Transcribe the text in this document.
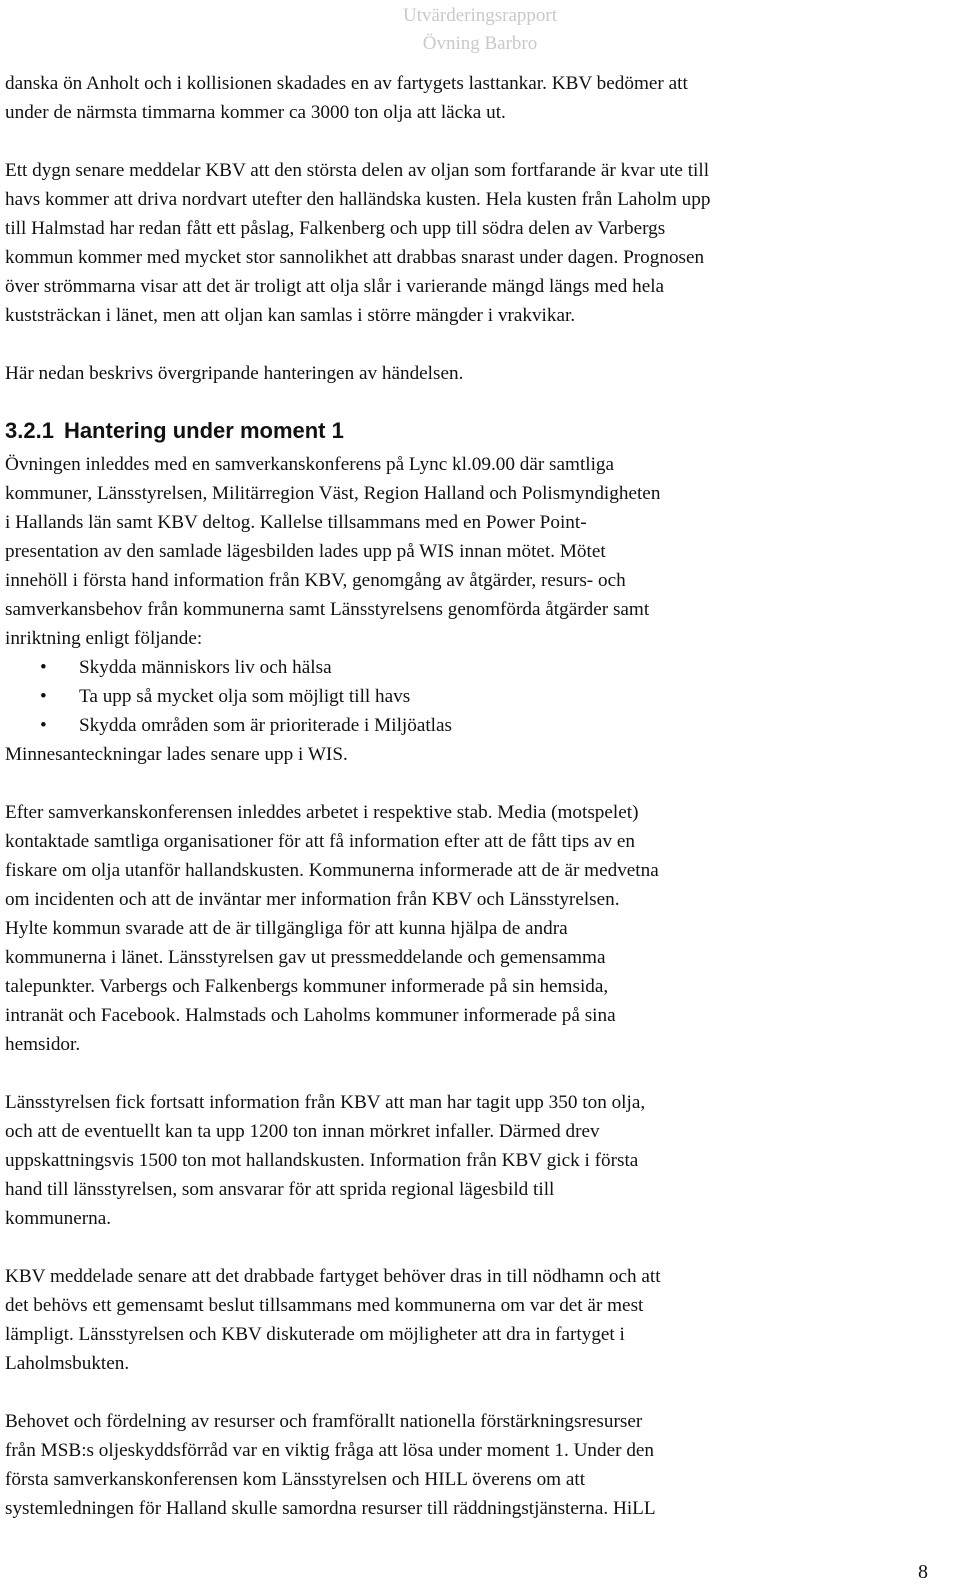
Utvärderingsrapport
Övning Barbro

danska ön Anholt och i kollisionen skadades en av fartygets lasttankar. KBV bedömer att
under de närmsta timmarna kommer ca 3000 ton olja att läcka ut.

Ett dygn senare meddelar KBV att den största delen av oljan som fortfarande är kvar ute till
havs kommer att driva nordvart utefter den halländska kusten. Hela kusten från Laholm upp
till Halmstad har redan fått ett påslag, Falkenberg och upp till södra delen av Varbergs
kommun kommer med mycket stor sannolikhet att drabbas snarast under dagen. Prognosen
över strömmarna visar att det är troligt att olja slår i varierande mängd längs med hela
kuststräckan i länet, men att oljan kan samlas i större mängder i vrakvikar.

Här nedan beskrivs övergripande hanteringen av händelsen.

3.2.1 Hantering under moment 1

Övningen inleddes med en samverkanskonferens på Lync kl.09.00 där samtliga
kommuner, Länsstyrelsen, Militärregion Väst, Region Halland och Polismyndigheten
i Hallands län samt KBV deltog. Kallelse tillsammans med en Power Point-
presentation av den samlade lägesbilden lades upp på WIS innan mötet. Mötet
innehöll i första hand information från KBV, genomgång av åtgärder, resurs- och
samverkansbehov från kommunerna samt Länsstyrelsens genomförda åtgärder samt
inriktning enligt följande:

• Skydda människors liv och hälsa
• Ta upp så mycket olja som möjligt till havs
• Skydda områden som är prioriterade i Miljöatlas

Minnesanteckningar lades senare upp i WIS.

Efter samverkanskonferensen inleddes arbetet i respektive stab. Media (motspelet)
kontaktade samtliga organisationer för att få information efter att de fått tips av en
fiskare om olja utanför hallandskusten. Kommunerna informerade att de är medvetna
om incidenten och att de inväntar mer information från KBV och Länsstyrelsen.
Hylte kommun svarade att de är tillgängliga för att kunna hjälpa de andra
kommunerna i länet. Länsstyrelsen gav ut pressmeddelande och gemensamma
talepunkter. Varbergs och Falkenbergs kommuner informerade på sin hemsida,
intranät och Facebook. Halmstads och Laholms kommuner informerade på sina
hemsidor.

Länsstyrelsen fick fortsatt information från KBV att man har tagit upp 350 ton olja,
och att de eventuellt kan ta upp 1200 ton innan mörkret infaller. Därmed drev
uppskattningsvis 1500 ton mot hallandskusten. Information från KBV gick i första
hand till länsstyrelsen, som ansvarar för att sprida regional lägesbild till
kommunerna.

KBV meddelade senare att det drabbade fartyget behöver dras in till nödhamn och att
det behövs ett gemensamt beslut tillsammans med kommunerna om var det är mest
lämpligt. Länsstyrelsen och KBV diskuterade om möjligheter att dra in fartyget i
Laholmsbukten.

Behovet och fördelning av resurser och framförallt nationella förstärkningsresurser
från MSB:s oljeskyddsförråd var en viktig fråga att lösa under moment 1. Under den
första samverkanskonferensen kom Länsstyrelsen och HILL överens om att
systemledningen för Halland skulle samordna resurser till räddningstjänsterna. HiLL

8
